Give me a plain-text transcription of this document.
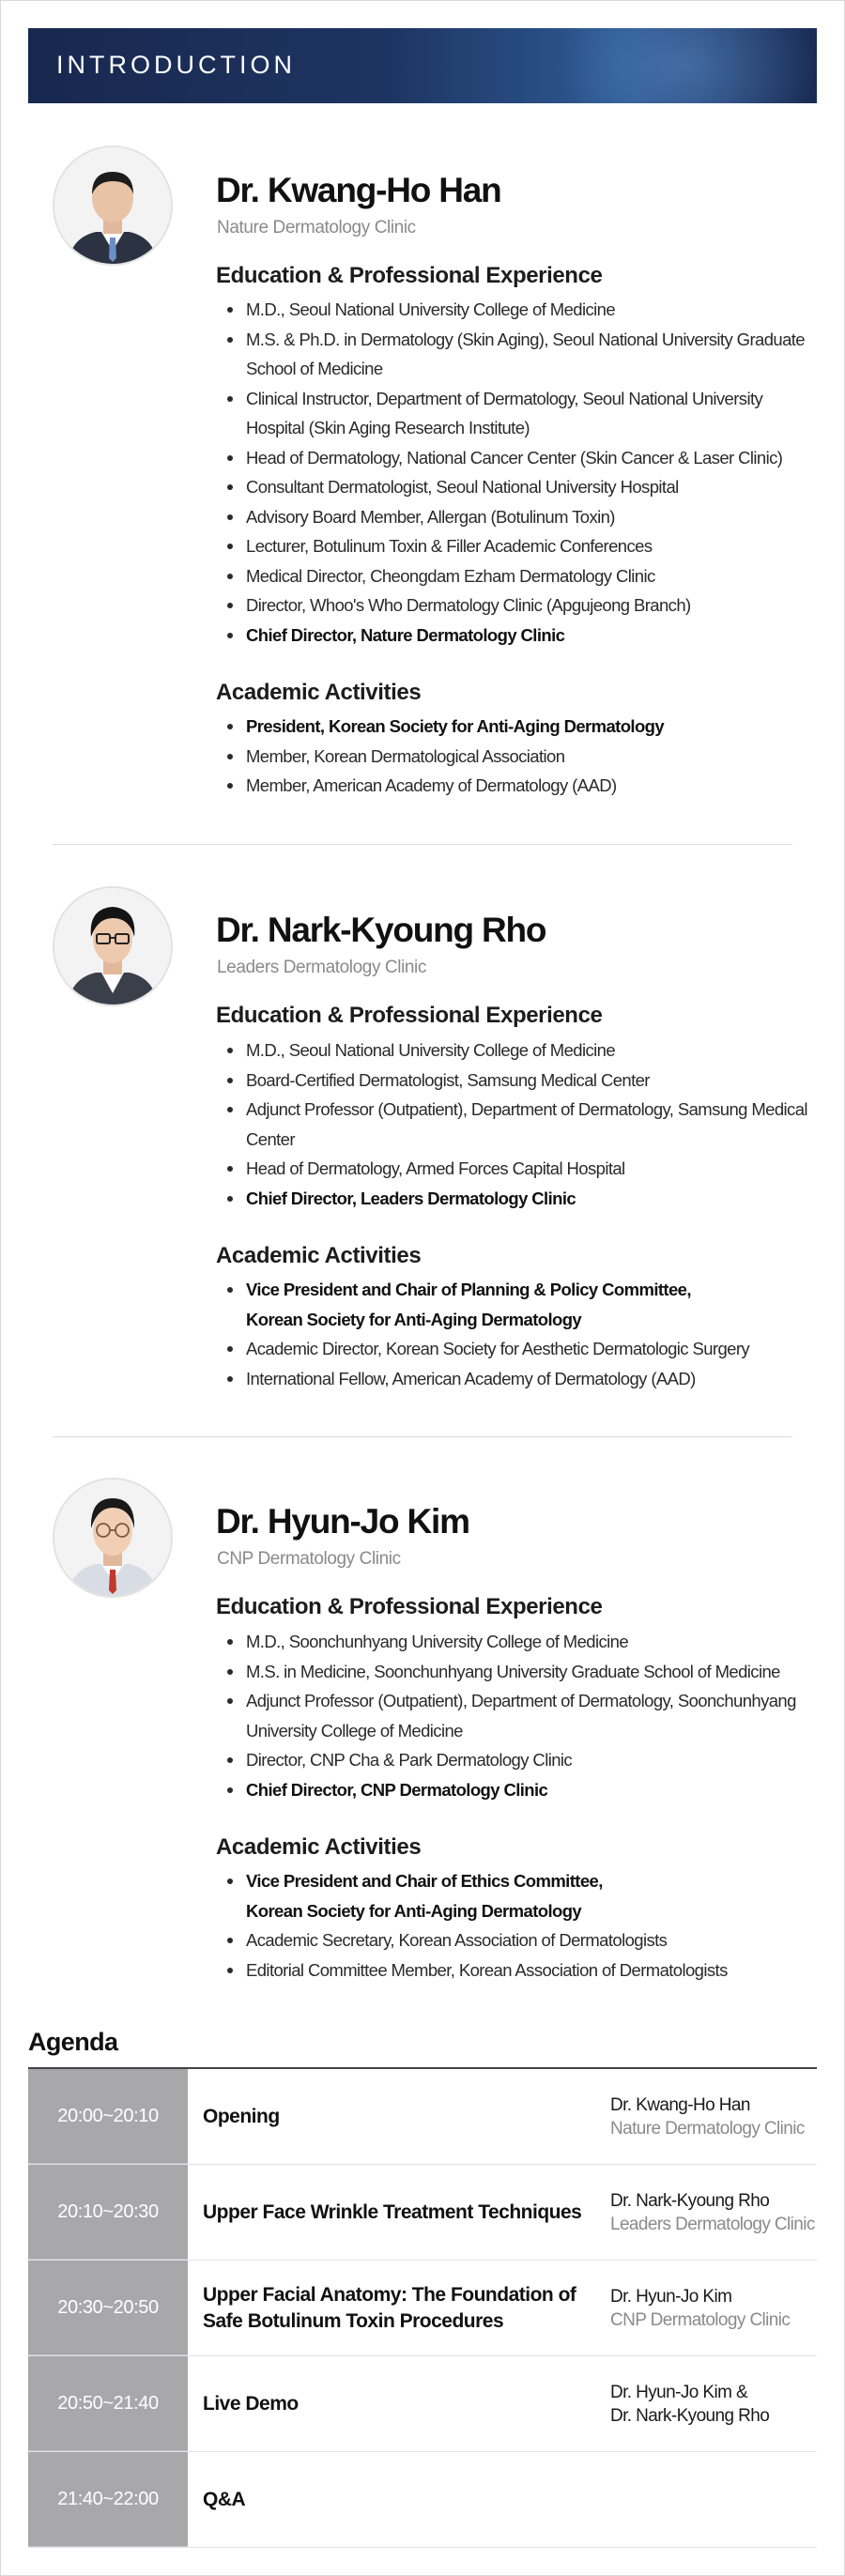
INTRODUCTION
Dr. Kwang-Ho Han
Nature Dermatology Clinic
Education & Professional Experience
M.D., Seoul National University College of Medicine
M.S. & Ph.D. in Dermatology (Skin Aging), Seoul National University Graduate School of Medicine
Clinical Instructor, Department of Dermatology, Seoul National University Hospital (Skin Aging Research Institute)
Head of Dermatology, National Cancer Center (Skin Cancer & Laser Clinic)
Consultant Dermatologist, Seoul National University Hospital
Advisory Board Member, Allergan (Botulinum Toxin)
Lecturer, Botulinum Toxin & Filler Academic Conferences
Medical Director, Cheongdam Ezham Dermatology Clinic
Director, Whoo's Who Dermatology Clinic (Apgujeong Branch)
Chief Director, Nature Dermatology Clinic
Academic Activities
President, Korean Society for Anti-Aging Dermatology
Member, Korean Dermatological Association
Member, American Academy of Dermatology (AAD)
Dr. Nark-Kyoung Rho
Leaders Dermatology Clinic
Education & Professional Experience
M.D., Seoul National University College of Medicine
Board-Certified Dermatologist, Samsung Medical Center
Adjunct Professor (Outpatient), Department of Dermatology, Samsung Medical Center
Head of Dermatology, Armed Forces Capital Hospital
Chief Director, Leaders Dermatology Clinic
Academic Activities
Vice President and Chair of Planning & Policy Committee,
Korean Society for Anti-Aging Dermatology
Academic Director, Korean Society for Aesthetic Dermatologic Surgery
International Fellow, American Academy of Dermatology (AAD)
Dr. Hyun-Jo Kim
CNP Dermatology Clinic
Education & Professional Experience
M.D., Soonchunhyang University College of Medicine
M.S. in Medicine, Soonchunhyang University Graduate School of Medicine
Adjunct Professor (Outpatient), Department of Dermatology, Soonchunhyang University College of Medicine
Director, CNP Cha & Park Dermatology Clinic
Chief Director, CNP Dermatology Clinic
Academic Activities
Vice President and Chair of Ethics Committee,
Korean Society for Anti-Aging Dermatology
Academic Secretary, Korean Association of Dermatologists
Editorial Committee Member, Korean Association of Dermatologists
Agenda
20:00~20:10	Opening
Dr. Kwang-Ho Han
Nature Dermatology Clinic
20:10~20:30	Upper Face Wrinkle Treatment Techniques
Dr. Nark-Kyoung Rho
Leaders Dermatology Clinic
20:30~20:50
Upper Facial Anatomy: The Foundation of Safe Botulinum Toxin Procedures
Dr. Hyun-Jo Kim
CNP Dermatology Clinic
20:50~21:40	Live Demo
Dr. Hyun-Jo Kim &
Dr. Nark-Kyoung Rho
21:40~22:00	Q&A
